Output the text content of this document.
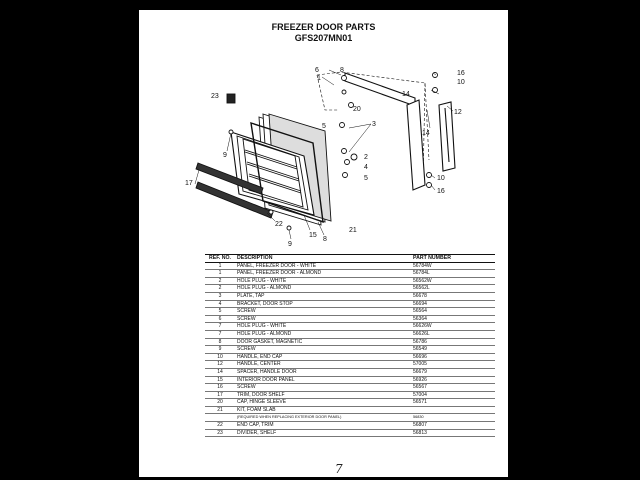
FREEZER DOOR PARTS
GFS207MN01
23
6
1
8
20
5	3
9	2
4
5
17
22
9
15
8
21
16
10
14
14
12
10
16
REF. NO.	DESCRIPTION	PART NUMBER
1	PANEL, FREEZER DOOR - WHITE	56784W
1	PANEL, FREEZER DOOR - ALMOND	56784L
2	HOLE PLUG - WHITE	56562W
2	HOLE PLUG - ALMOND	56562L
3	PLATE, TAP	56678
4	BRACKET, DOOR STOP	56694
5	SCREW	56564
6	SCREW	56364
7	HOLE PLUG - WHITE	56626W
7	HOLE PLUG - ALMOND	56626L
8	DOOR GASKET, MAGNETIC	56786
9	SCREW	56549
10	HANDLE, END CAP	56696
12	HANDLE, CENTER	57005
14	SPACER, HANDLE DOOR	56679
15	INTERIOR DOOR PANEL	56926
16	SCREW	56567
17	TRIM, DOOR SHELF	57004
20	CAP, HINGE SLEEVE	56571
21	KIT, FOAM SLAB	
	(REQUIRED WHEN REPLACING EXTERIOR DOOR PANEL)	56830
22	END CAP, TRIM	56807
23	DIVIDER, SHELF	56813
7
